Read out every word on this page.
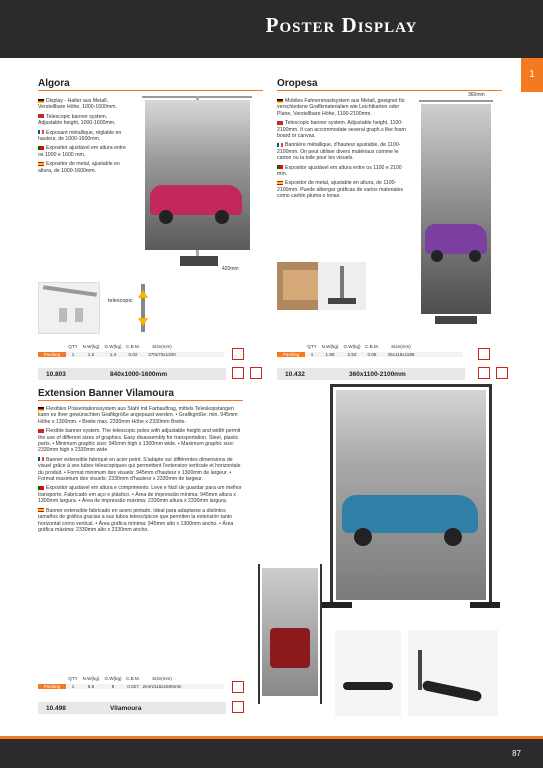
Poster Display
1
Algora

Display - Halter aus Metall, Verstellbare Höhe, 1000-1600mm.

Telescopic banner system. Adjustable height, 1000-1600mm.

Exposant métallique, réglable en hauteur, de 1000-1600mm.

Expositor ajustável em altura entre os 1000 e 1600 mm.

Expositor de metal, ajustable en altura, de 1000-1600mm.

420mm
telescopic
QTY	N.W(kg)	G.W(kg) C.B.M.	Size(mm)
Packing	1	1.2	1.4	0.02	270x70x1200
10.803	840x1000-1600mm
Oropesa
360mm

Mobiles Fahnenmastsystem aus Metall, geeignet für verschiedene Grafikmaterialien wie Leichtkarton oder Plane, Verstellbare Höhe, 1100-2100mm.

Telescopic banner system. Adjustable height, 1100-2100mm. It can accommodate several graph.s like foam board or canvas.

Bannière métallique, d'hauteur ajustable, de 1100-2100mm. On peut utiliser divers matériaux comme le carton ou la toile pour les visuels.

Expositor ajustável em altura entre os 1100 e 2100 mm.

Expositor de metal, ajustable en altura, de 1100-2100mm. Puede albergar gráficas de varios materiales como cartón pluma o lonas.

QTY	N.W(kg)	G.W(kg) C.B.M.	Size(mm)
Packing	1	1.96	2.53	0.05	45x115x1185
10.432	360x1100-2100mm
Extension Banner Vilamoura

Flexibles Präsentationssystem aus Stahl mit Farbauftrag, mittels Teleskopstangen kann es ihrer gewünschten Grafikgröße angepasst werden. • Grafikgröße: min. 945mm Höhe x 1300mm. • Breite max. 2330mm Höhe x 2330mm Breite.

Flexible banner system. The telescopic poles with adjustable height and width permit the use of different sizes of graphics. Easy disassembly for transportation. Steel, plastic parts. • Minimum graphic size: 945mm high x 1300mm wide. • Maximum graphic size: 2330mm high x 2330mm wide

Banner extensible fabriqué en acier peint. S'adapte sur différentes dimensions de visuel grâce à ses tubes télescopiques qui permettent l'extension verticale et horizontale du produit. • Format minimum des visuels: 945mm d'hauteur x 1300mm de largeur. • Format maximum des visuels: 2330mm d'hauteur x 2330mm de largeur.

Expositor ajustável em altura e comprimento. Leve e fácil de guardar para um melhor transporte. Fabricado em aço e plástico. • Área de impressão mínima: 945mm altura x 1300mm largura. • Área de impressão máxima: 2330mm altura x 2330mm largura.

Banner extensible fabricado en acero pintado. Ideal para adaptarse a distintos tamaños de gráfica gracias a sus tubos telescópicos que permiten la extensión tanto horizontal como vertical. • Área gráfica mínima: 945mm alto x 1300mm ancho. • Área gráfica máxima: 2330mm alto x 2330mm ancho.

QTY	N.W(kg)	G.W(kg) C.B.M.	Size(mm)
Packing	1	6.6	8	0.027 2mm/115x1500mm
10.498	Vilamoura
87
